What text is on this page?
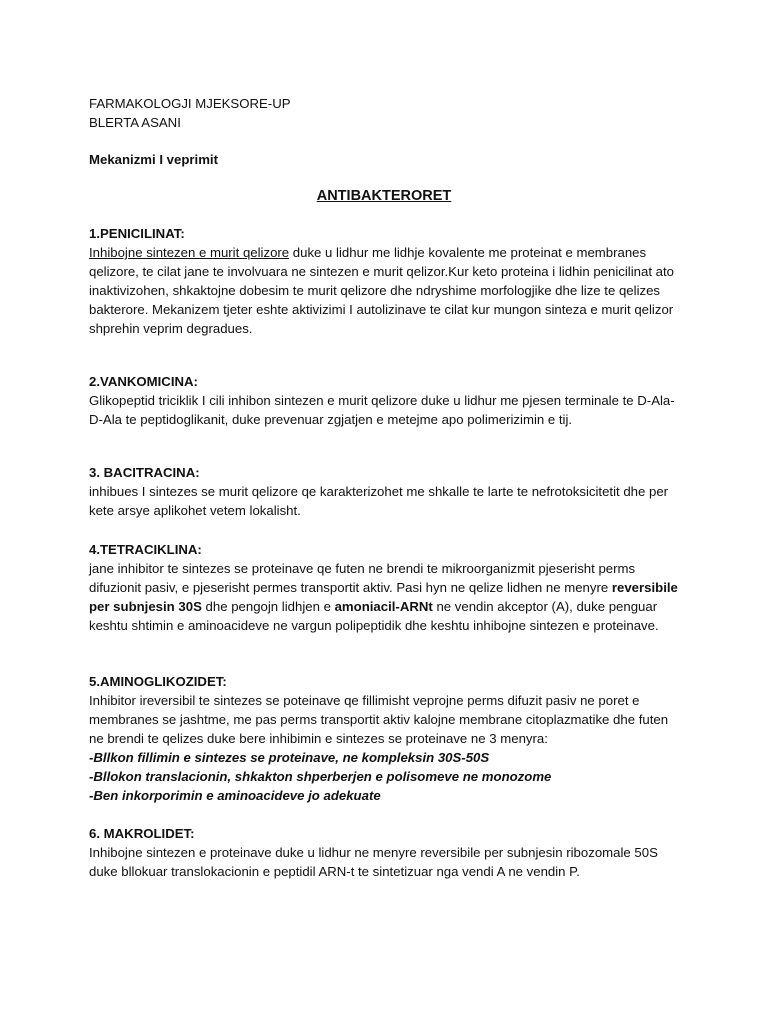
FARMAKOLOGJI MJEKSORE-UP

BLERTA ASANI

Mekanizmi I veprimit
ANTIBAKTERORET

1.PENICILINAT:

Inhibojne sintezen e murit qelizore duke u lidhur me lidhje kovalente me proteinat e membranes qelizore, te cilat jane te involvuara ne sintezen e murit qelizor.Kur keto proteina i lidhin penicilinat ato inaktivizohen, shkaktojne dobesim te murit qelizore dhe ndryshime morfologjike dhe lize te qelizes bakterore. Mekanizem tjeter eshte aktivizimi I autolizinave te cilat kur mungon sinteza e murit qelizor shprehin veprim degradues.

2.VANKOMICINA:

Glikopeptid triciklik I cili inhibon sintezen e murit qelizore duke u lidhur me pjesen terminale te D-Ala-D-Ala te peptidoglikanit, duke prevenuar zgjatjen e metejme apo polimerizimin e tij.

3. BACITRACINA:

inhibues I sintezes se murit qelizore qe karakterizohet me shkalle te larte te nefrotoksicitetit dhe per kete arsye aplikohet vetem lokalisht.

4.TETRACIKLINA:

jane inhibitor te sintezes se proteinave qe futen ne brendi te mikroorganizmit pjeserisht perms difuzionit pasiv, e pjeserisht permes transportit aktiv. Pasi hyn ne qelize lidhen ne menyre reversibile per subnjesin 30S dhe pengojn lidhjen e amoniacil-ARNt ne vendin akceptor (A), duke penguar keshtu shtimin e aminoacideve ne vargun polipeptidik dhe keshtu inhibojne sintezen e proteinave.

5.AMINOGLIKOZIDET:

Inhibitor ireversibil te sintezes se poteinave qe fillimisht veprojne perms difuzit pasiv ne poret e membranes se jashtme, me pas perms transportit aktiv kalojne membrane citoplazmatike dhe futen ne brendi te qelizes duke bere inhibimin e sintezes se proteinave ne 3 menyra:

-Bllkon fillimin e sintezes se proteinave, ne kompleksin 30S-50S

-Bllokon translacionin, shkakton shperberjen e polisomeve ne monozome

-Ben inkorporimin e aminoacideve jo adekuate

6. MAKROLIDET:

Inhibojne sintezen e proteinave duke u lidhur ne menyre reversibile per subnjesin ribozomale 50S duke bllokuar translokacionin e peptidil ARN-t te sintetizuar nga vendi A ne vendin P.
